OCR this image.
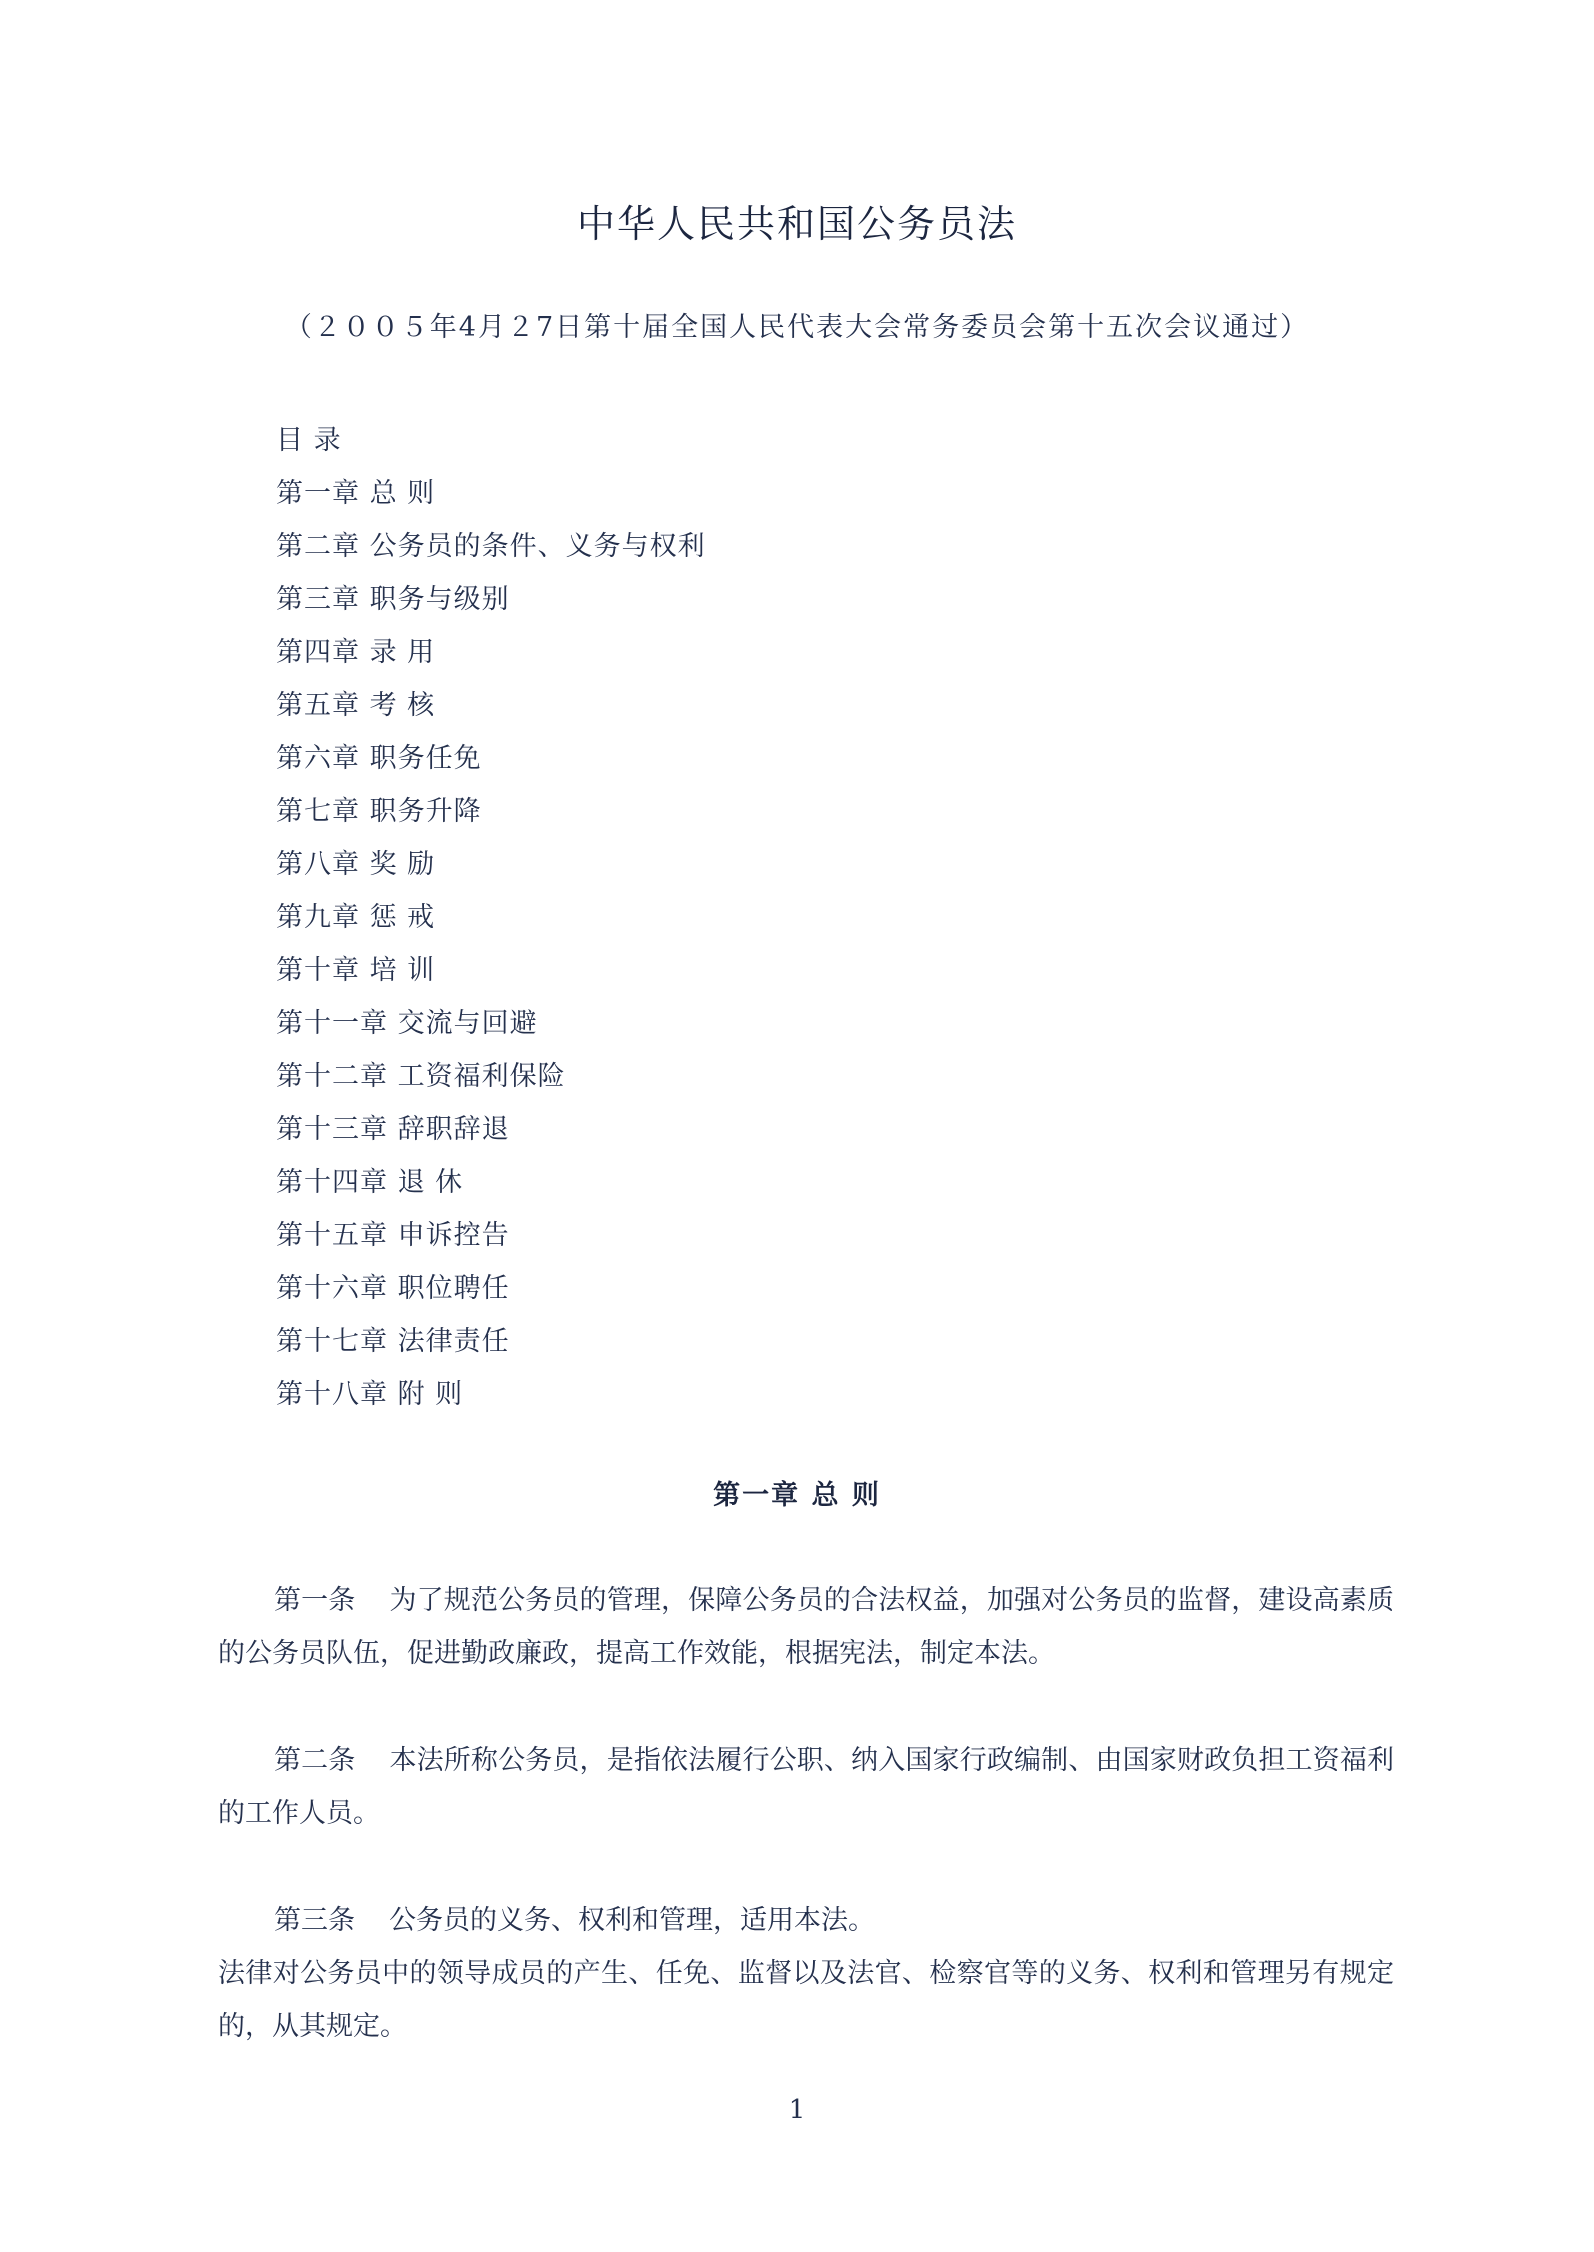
中华人民共和国公务员法
（２００５年4月２7日第十届全国人民代表大会常务委员会第十五次会议通过）
目 录
第一章 总 则
第二章 公务员的条件、义务与权利
第三章 职务与级别
第四章 录 用
第五章 考 核
第六章 职务任免
第七章 职务升降
第八章 奖 励
第九章 惩 戒
第十章 培 训
第十一章 交流与回避
第十二章 工资福利保险
第十三章 辞职辞退
第十四章 退 休
第十五章 申诉控告
第十六章 职位聘任
第十七章 法律责任
第十八章 附 则
第一章 总 则

第一条 为了规范公务员的管理，保障公务员的合法权益，加强对公务员的监督，建设高素质的公务员队伍，促进勤政廉政，提高工作效能，根据宪法，制定本法。

第二条 本法所称公务员，是指依法履行公职、纳入国家行政编制、由国家财政负担工资福利的工作人员。

第三条 公务员的义务、权利和管理，适用本法。

法律对公务员中的领导成员的产生、任免、监督以及法官、检察官等的义务、权利和管理另有规定的，从其规定。

1
